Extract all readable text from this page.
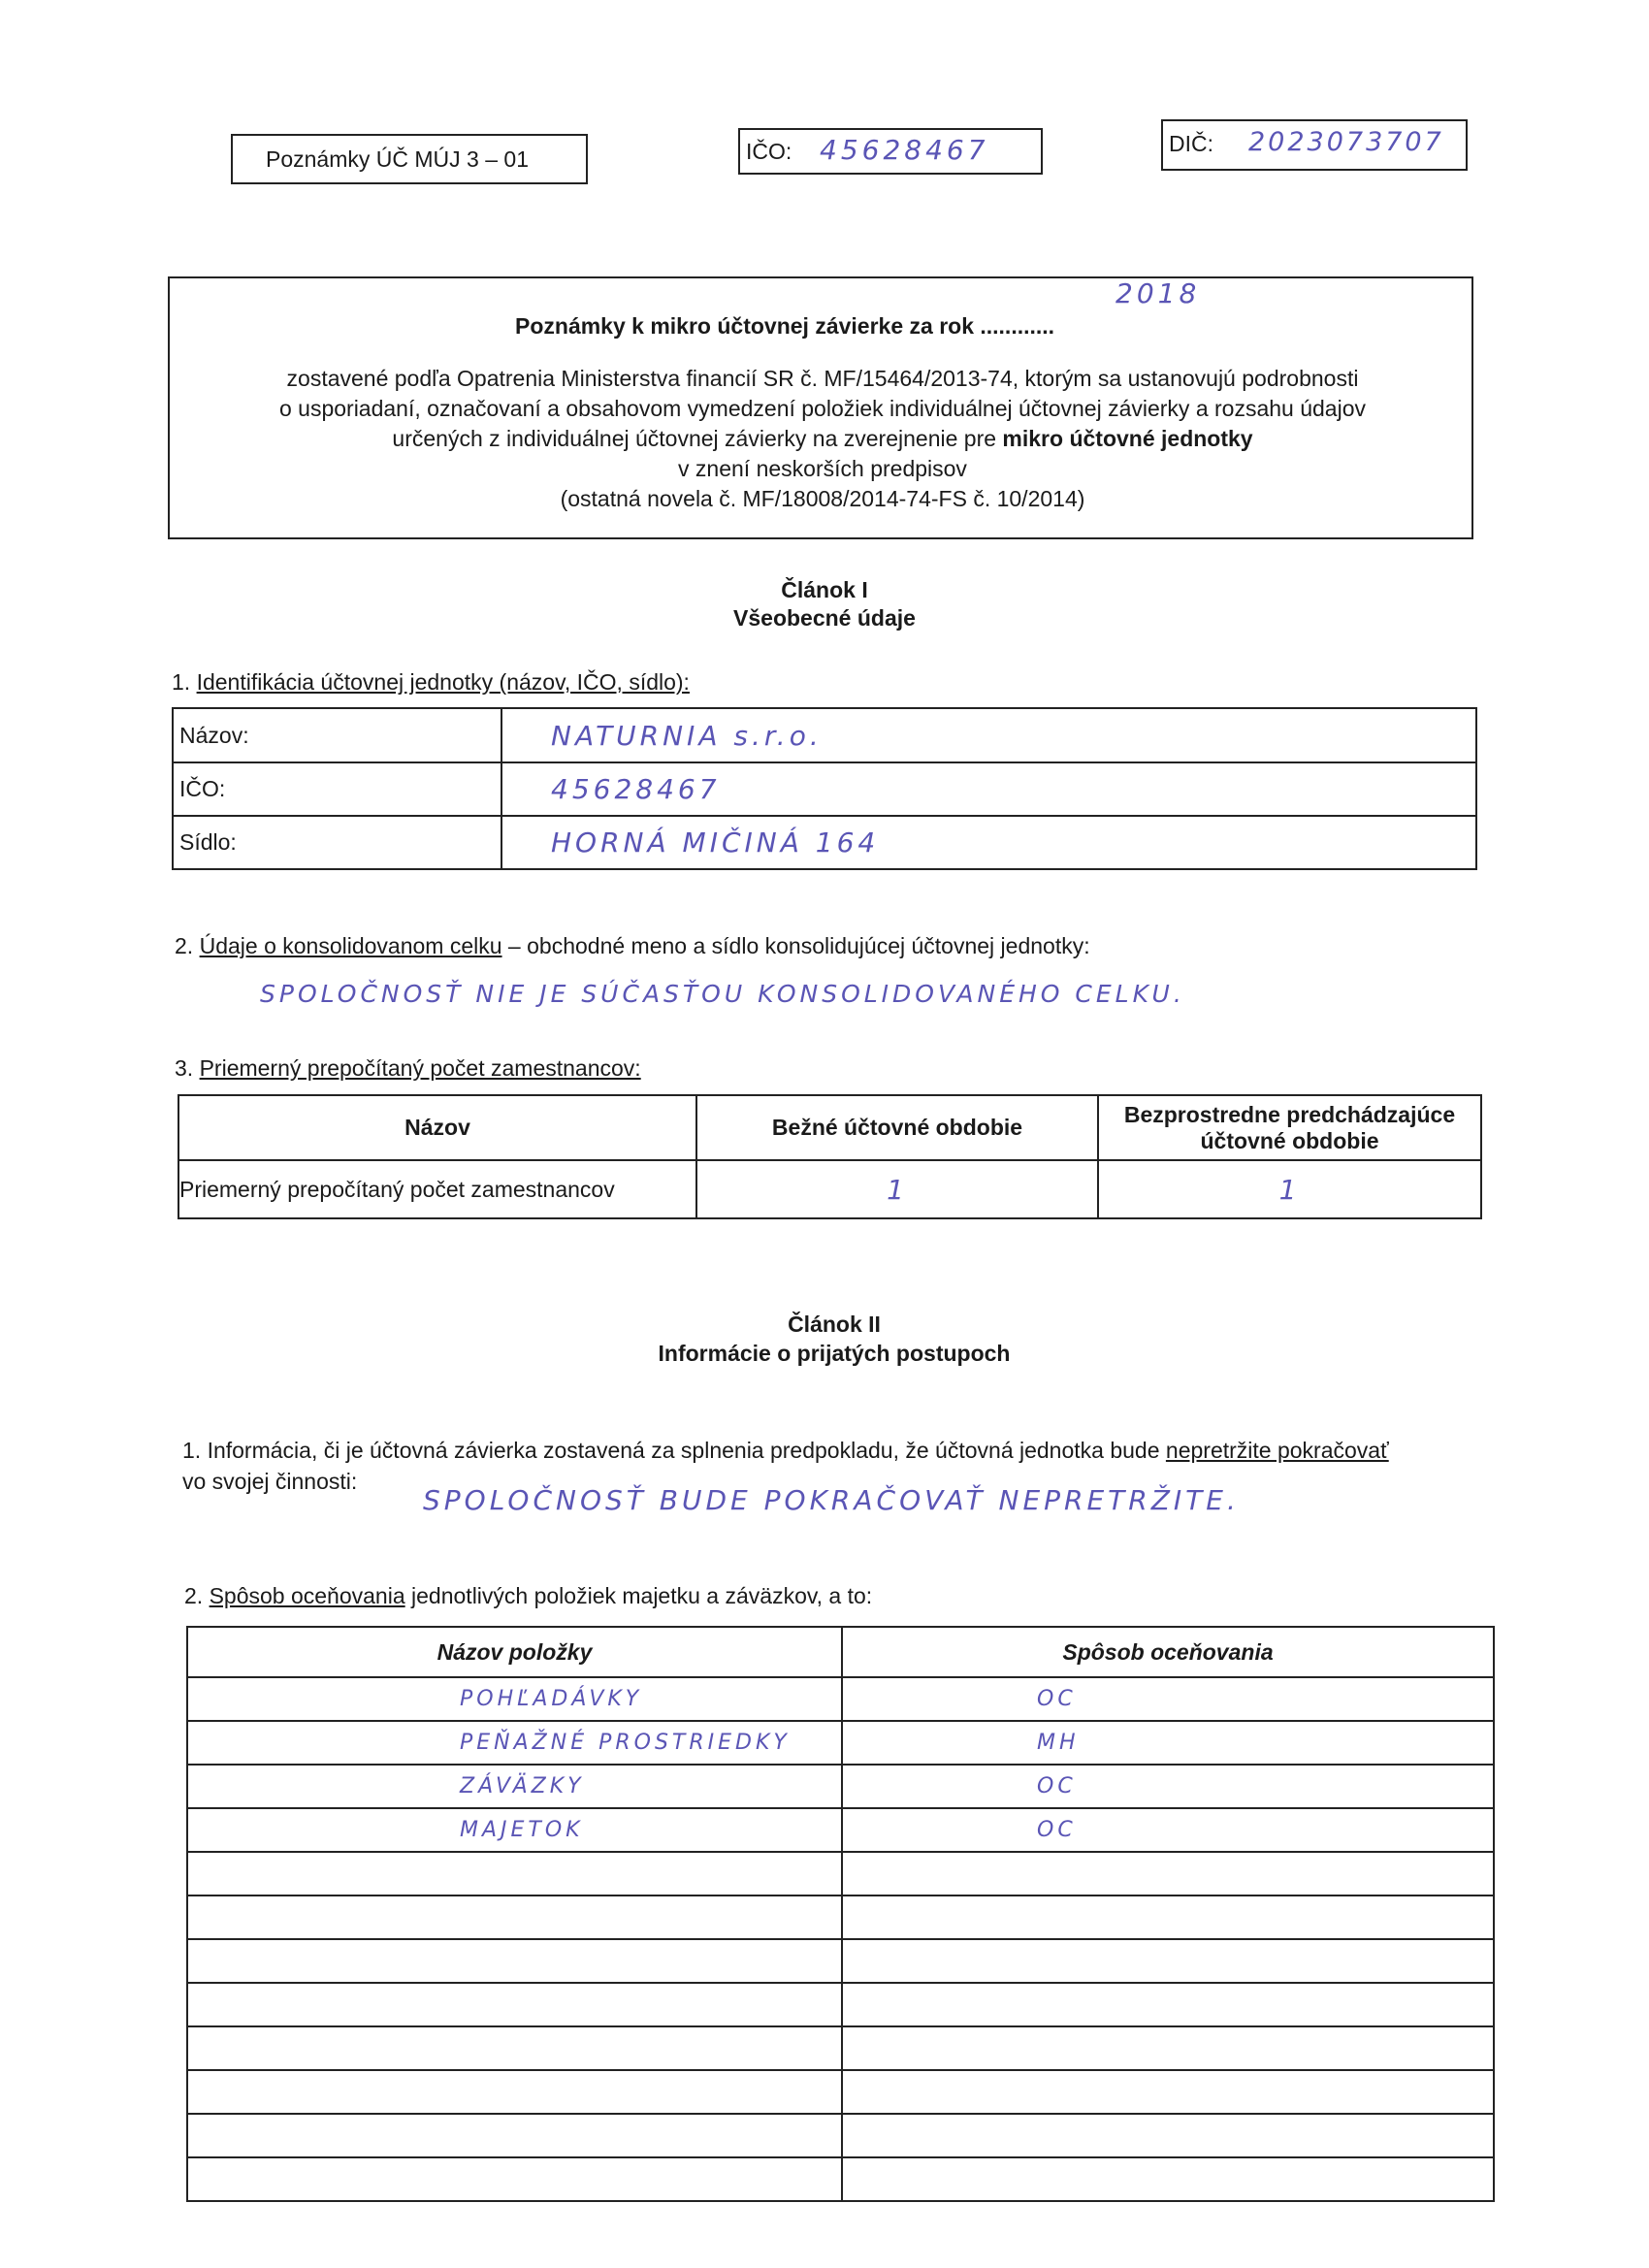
Poznámky ÚČ MÚJ 3 – 01	IČO: 45628467	DIČ: 2023073707
Poznámky k mikro účtovnej závierke za rok ............
2018
zostavené podľa Opatrenia Ministerstva financií SR č. MF/15464/2013-74, ktorým sa ustanovujú podrobnosti
o usporiadaní, označovaní a obsahovom vymedzení položiek individuálnej účtovnej závierky a rozsahu údajov
určených z individuálnej účtovnej závierky na zverejnenie pre mikro účtovné jednotky
v znení neskorších predpisov
(ostatná novela č. MF/18008/2014-74-FS č. 10/2014)
Článok I
Všeobecné údaje
1. Identifikácia účtovnej jednotky (názov, IČO, sídlo):
Názov:	NATURNIA s.r.o.
IČO:	45628467
Sídlo:	HORNÁ MIČINÁ 164
2. Údaje o konsolidovanom celku – obchodné meno a sídlo konsolidujúcej účtovnej jednotky:
SPOLOČNOSŤ NIE JE SÚČASŤOU KONSOLIDOVANÉHO CELKU.
3. Priemerný prepočítaný počet zamestnancov:
Názov	Bežné účtovné obdobie	Bezprostredne predchádzajúce účtovné obdobie
Priemerný prepočítaný počet zamestnancov	1	1
Článok II
Informácie o prijatých postupoch
1. Informácia, či je účtovná závierka zostavená za splnenia predpokladu, že účtovná jednotka bude nepretržite pokračovať
vo svojej činnosti:
SPOLOČNOSŤ BUDE POKRAČOVAŤ NEPRETRŽITE.
2. Spôsob oceňovania jednotlivých položiek majetku a záväzkov, a to:
Názov položky	Spôsob oceňovania
POHĽADÁVKY	OC
PEŇAŽNÉ PROSTRIEDKY	MH
ZÁVÄZKY	OC
MAJETOK	OC
